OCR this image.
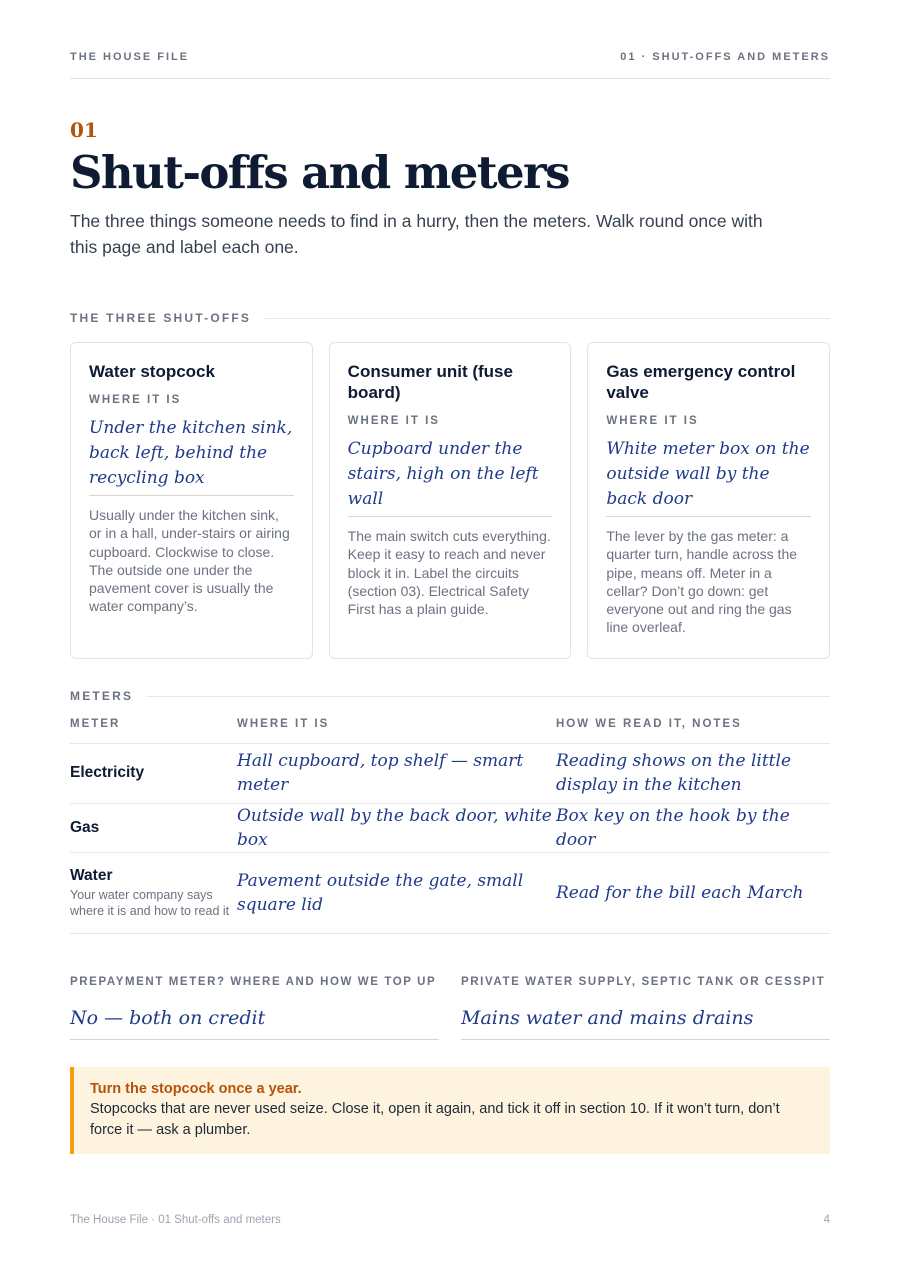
THE HOUSE FILE	01 · SHUT-OFFS AND METERS
01
Shut-offs and meters

The three things someone needs to find in a hurry, then the meters. Walk round once with this page and label each one.

THE THREE SHUT-OFFS
Water stopcock
WHERE IT IS
Under the kitchen sink, back left, behind the recycling box
Usually under the kitchen sink, or in a hall, under-stairs or airing cupboard. Clockwise to close. The outside one under the pavement cover is usually the water company’s.
Consumer unit (fuse board)
WHERE IT IS
Cupboard under the stairs, high on the left wall
The main switch cuts everything. Keep it easy to reach and never block it in. Label the circuits (section 03). Electrical Safety First has a plain guide.
Gas emergency control valve
WHERE IT IS
White meter box on the outside wall by the back door
The lever by the gas meter: a quarter turn, handle across the pipe, means off. Meter in a cellar? Don’t go down: get everyone out and ring the gas line overleaf.
METERS
METER	WHERE IT IS	HOW WE READ IT, NOTES

Electricity	Hall cupboard, top shelf — smart meter	Reading shows on the little display in the kitchen

Gas	Outside wall by the back door, white box	Box key on the hook by the door

Water
Your water company says where it is and how to read it	Pavement outside the gate, small square lid	Read for the bill each March
PREPAYMENT METER? WHERE AND HOW WE TOP UP
No — both on credit
PRIVATE WATER SUPPLY, SEPTIC TANK OR CESSPIT
Mains water and mains drains
Turn the stopcock once a year.
Stopcocks that are never used seize. Close it, open it again, and tick it off in section 10. If it won’t turn, don’t force it — ask a plumber.
The House File · 01 Shut-offs and meters	4
